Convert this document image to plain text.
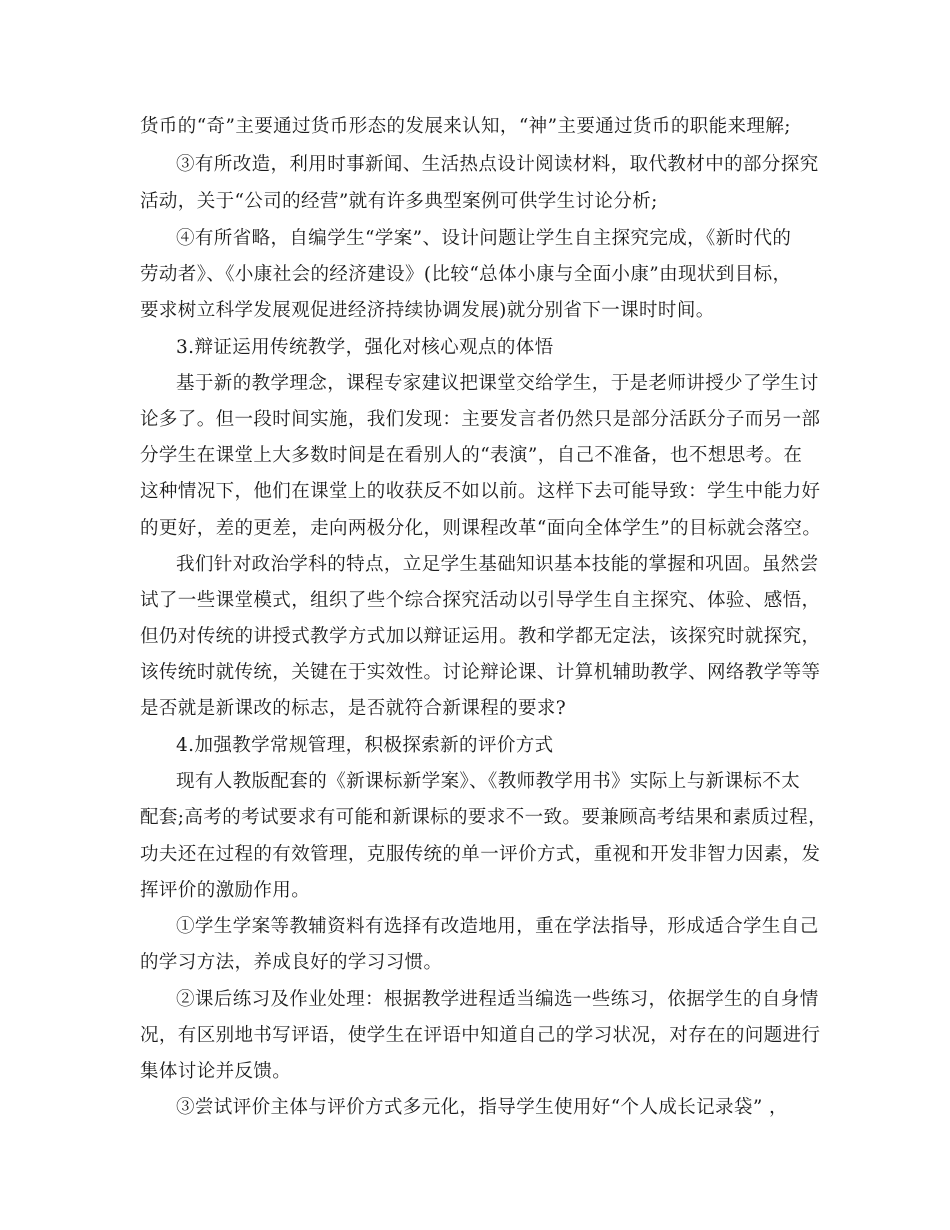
货币的“奇”主要通过货币形态的发展来认知，“神”主要通过货币的职能来理解;
③有所改造，利用时事新闻、生活热点设计阅读材料，取代教材中的部分探究
活动，关于“公司的经营”就有许多典型案例可供学生讨论分析;
④有所省略，自编学生“学案”、设计问题让学生自主探究完成，《新时代的
劳动者》、《小康社会的经济建设》(比较“总体小康与全面小康”由现状到目标，
要求树立科学发展观促进经济持续协调发展)就分别省下一课时时间。
3.辩证运用传统教学，强化对核心观点的体悟
基于新的教学理念，课程专家建议把课堂交给学生，于是老师讲授少了学生讨
论多了。但一段时间实施，我们发现：主要发言者仍然只是部分活跃分子而另一部
分学生在课堂上大多数时间是在看别人的“表演”，自己不准备，也不想思考。在
这种情况下，他们在课堂上的收获反不如以前。这样下去可能导致：学生中能力好
的更好，差的更差，走向两极分化，则课程改革“面向全体学生”的目标就会落空。
我们针对政治学科的特点，立足学生基础知识基本技能的掌握和巩固。虽然尝
试了一些课堂模式，组织了些个综合探究活动以引导学生自主探究、体验、感悟，
但仍对传统的讲授式教学方式加以辩证运用。教和学都无定法，该探究时就探究，
该传统时就传统，关键在于实效性。讨论辩论课、计算机辅助教学、网络教学等等
是否就是新课改的标志，是否就符合新课程的要求?
4.加强教学常规管理，积极探索新的评价方式
现有人教版配套的《新课标新学案》、《教师教学用书》实际上与新课标不太
配套;高考的考试要求有可能和新课标的要求不一致。要兼顾高考结果和素质过程，
功夫还在过程的有效管理，克服传统的单一评价方式，重视和开发非智力因素，发
挥评价的激励作用。
①学生学案等教辅资料有选择有改造地用，重在学法指导，形成适合学生自己
的学习方法，养成良好的学习习惯。
②课后练习及作业处理：根据教学进程适当编选一些练习，依据学生的自身情
况，有区别地书写评语，使学生在评语中知道自己的学习状况，对存在的问题进行
集体讨论并反馈。
③尝试评价主体与评价方式多元化，指导学生使用好“个人成长记录袋” ，
